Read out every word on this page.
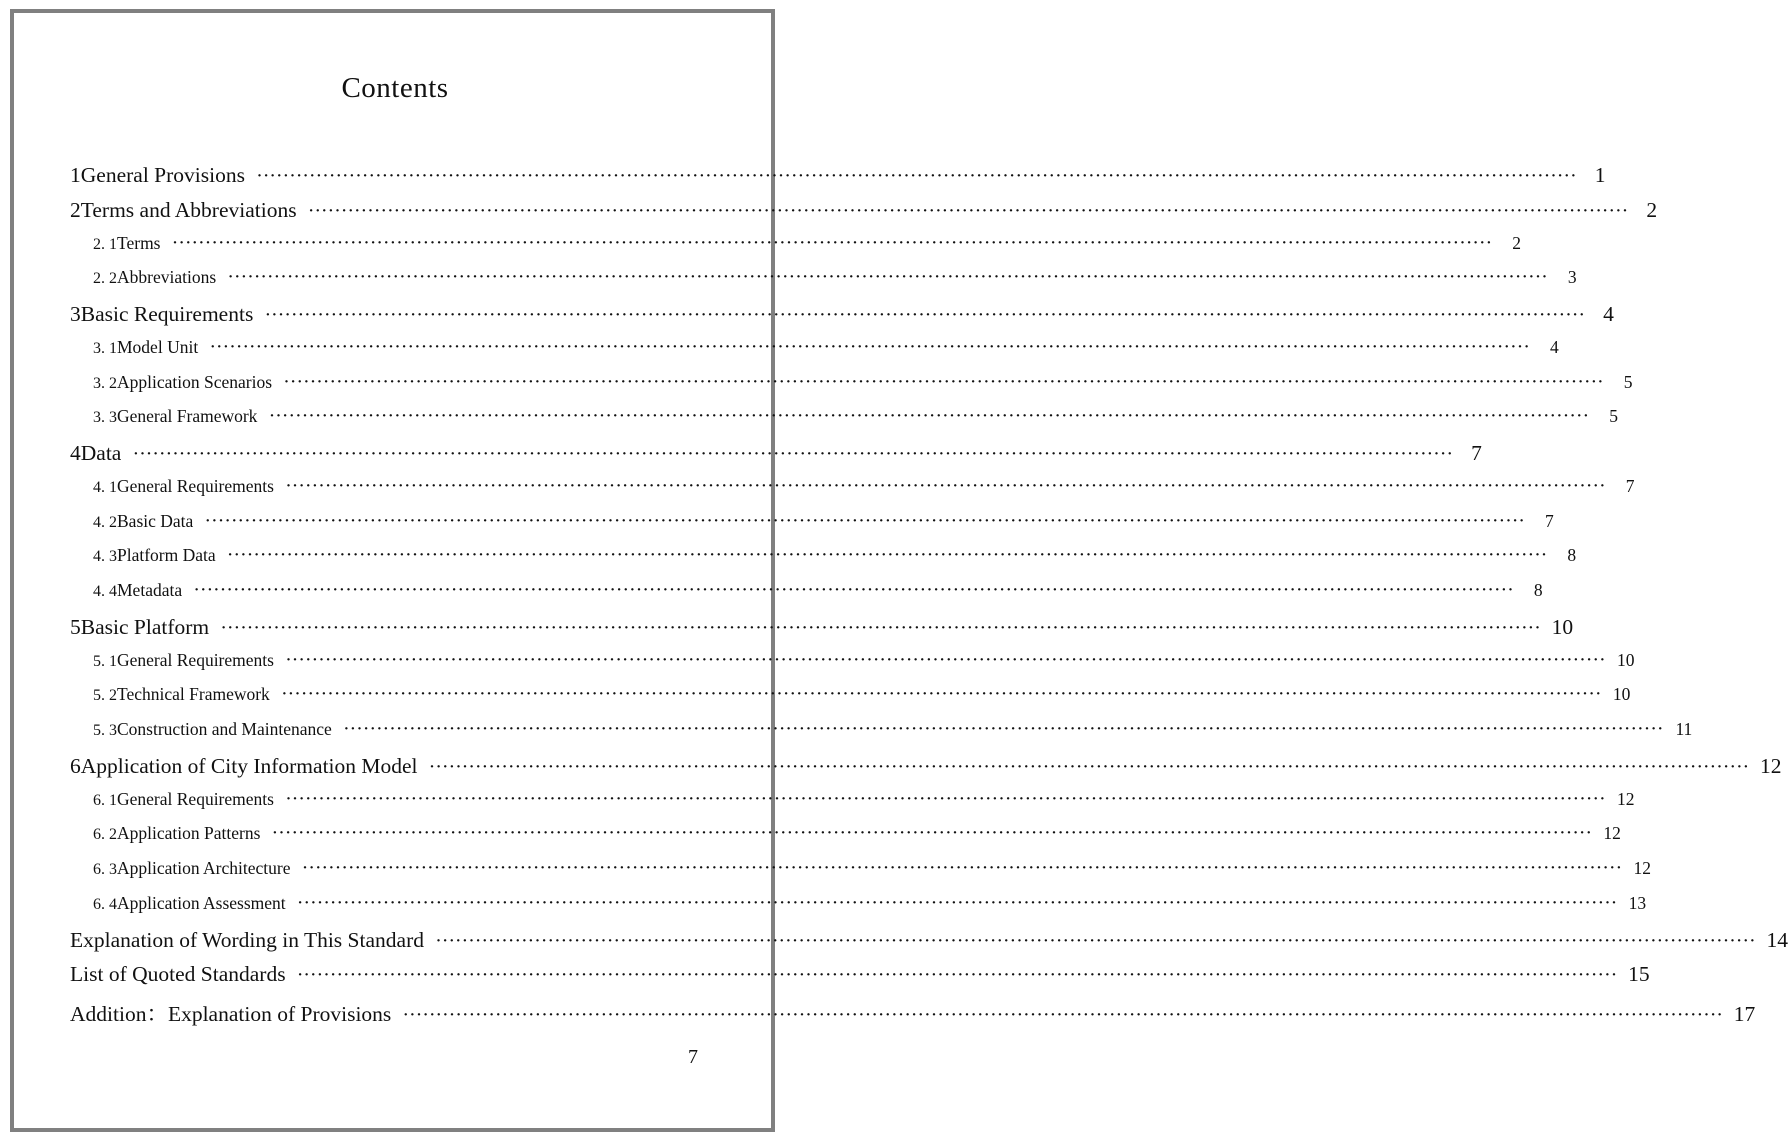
Contents
1 General Provisions ········································································································································································································ 1
2 Terms and Abbreviations ········································································································································································································ 2
2. 1 Terms ········································································································································································································	2
2. 2 Abbreviations ········································································································································································································	3
3 Basic Requirements ········································································································································································································ 4
3. 1 Model Unit ········································································································································································································	4
3. 2 Application Scenarios ········································································································································································································	5
3. 3 General Framework ········································································································································································································	5
4 Data ········································································································································································································ 7
4. 1 General Requirements ········································································································································································································	7
4. 2 Basic Data ········································································································································································································	7
4. 3 Platform Data ········································································································································································································	8
4. 4 Metadata ········································································································································································································	8
5 Basic Platform ········································································································································································································ 10
5. 1 General Requirements ········································································································································································································ 10
5. 2 Technical Framework ········································································································································································································ 10
5. 3 Construction and Maintenance ········································································································································································································ 11
6 Application of City Information Model ········································································································································································································ 12
6. 1 General Requirements ········································································································································································································ 12
6. 2 Application Patterns ········································································································································································································ 12
6. 3 Application Architecture ········································································································································································································ 12
6. 4 Application Assessment ········································································································································································································ 13
Explanation of Wording in This Standard ········································································································································································································ 14
List of Quoted Standards ········································································································································································································ 15
Addition：Explanation of Provisions ········································································································································································································ 17
7
